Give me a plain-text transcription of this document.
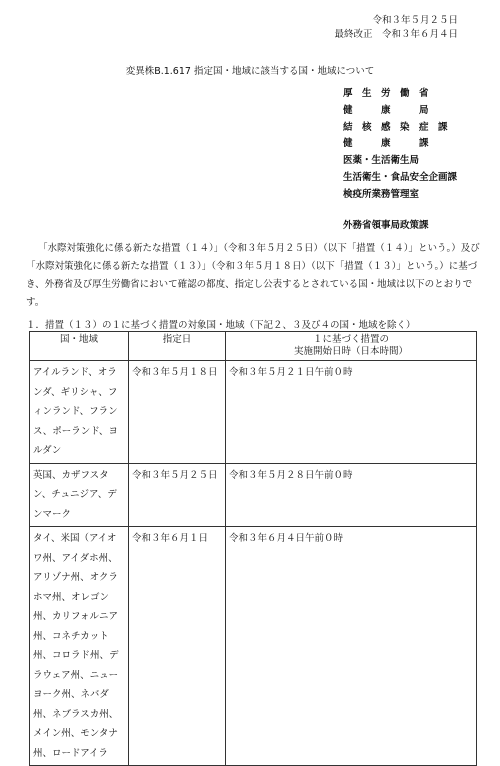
令和３年５月２５日
最終改正　令和３年６月４日
変異株B.1.617 指定国・地域に該当する国・地域について
厚　生　労　働　省
健　　　康　　　局
結　核　感　染　症　課
健　　　康　　　課
医薬・生活衛生局
生活衛生・食品安全企画課
検疫所業務管理室
外務省領事局政策課
「水際対策強化に係る新たな措置（１４）」（令和３年５月２５日）（以下「措置（１４）」という。）及び「水際対策強化に係る新たな措置（１３）」（令和３年５月１８日）（以下「措置（１３）」という。）に基づき、外務省及び厚生労働省において確認の都度、指定し公表するとされている国・地域は以下のとおりです。
１．措置（１３）の１に基づく措置の対象国・地域（下記２、３及び４の国・地域を除く）
国・地域	指定日	１に基づく措置の
実施開始日時（日本時間）

アイルランド、オランダ、ギリシャ、フィンランド、フランス、ポーランド、ヨルダン	令和３年５月１８日	令和３年５月２１日午前０時
英国、カザフスタン、チュニジア、デンマーク	令和３年５月２５日	令和３年５月２８日午前０時
タイ、米国（アイオワ州、アイダホ州、アリゾナ州、オクラホマ州、オレゴン州、カリフォルニア州、コネチカット州、コロラド州、デラウェア州、ニューヨーク州、ネバダ州、ネブラスカ州、メイン州、モンタナ州、ロードアイラ	令和３年６月１日	令和３年６月４日午前０時
